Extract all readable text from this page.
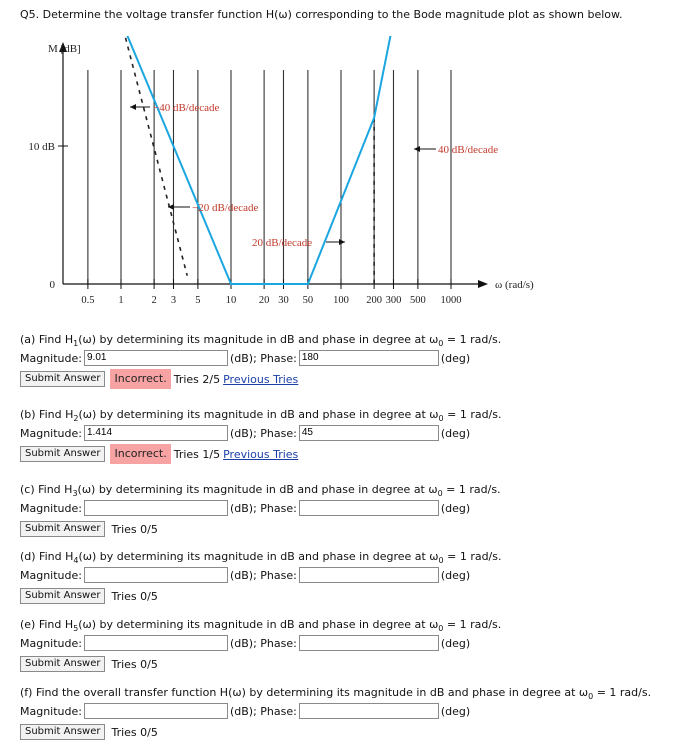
Q5. Determine the voltage transfer function H(ω) corresponding to the Bode magnitude plot as shown below.
0.5 1	2 3 5 10 20 30 50 100 200 300 500 1000
10 dB
0
M [dB]
ω (rad/s)
−40 dB/decade
−20 dB/decade
20 dB/decade
40 dB/decade
(a) Find $H_1(\omega)$ by determining its magnitude in dB and phase in degree at $\omega_0 = 1$ rad/s.
Magnitude:
9.01	(dB); Phase:
180	(deg)
Submit Answer	Incorrect. Tries 2/5 Previous Tries
(b) Find $H_2(\omega)$ by determining its magnitude in dB and phase in degree at $\omega_0 = 1$ rad/s.
Magnitude:
1.414	(dB); Phase:
45	(deg)
Submit Answer	Incorrect. Tries 1/5 Previous Tries
(c) Find $H_3(\omega)$ by determining its magnitude in dB and phase in degree at $\omega_0 = 1$ rad/s.
Magnitude:	(dB); Phase:	(deg)
Submit Answer	Tries 0/5
(d) Find $H_4(\omega)$ by determining its magnitude in dB and phase in degree at $\omega_0 = 1$ rad/s.
Magnitude:	(dB); Phase:	(deg)
Submit Answer	Tries 0/5
(e) Find $H_5(\omega)$ by determining its magnitude in dB and phase in degree at $\omega_0 = 1$ rad/s.
Magnitude:	(dB); Phase:	(deg)
Submit Answer	Tries 0/5
(f) Find the overall transfer function H(ω) by determining its magnitude in dB and phase in degree at $\omega_0 = 1$ rad/s.
Magnitude:	(dB); Phase:	(deg)
Submit Answer	Tries 0/5
